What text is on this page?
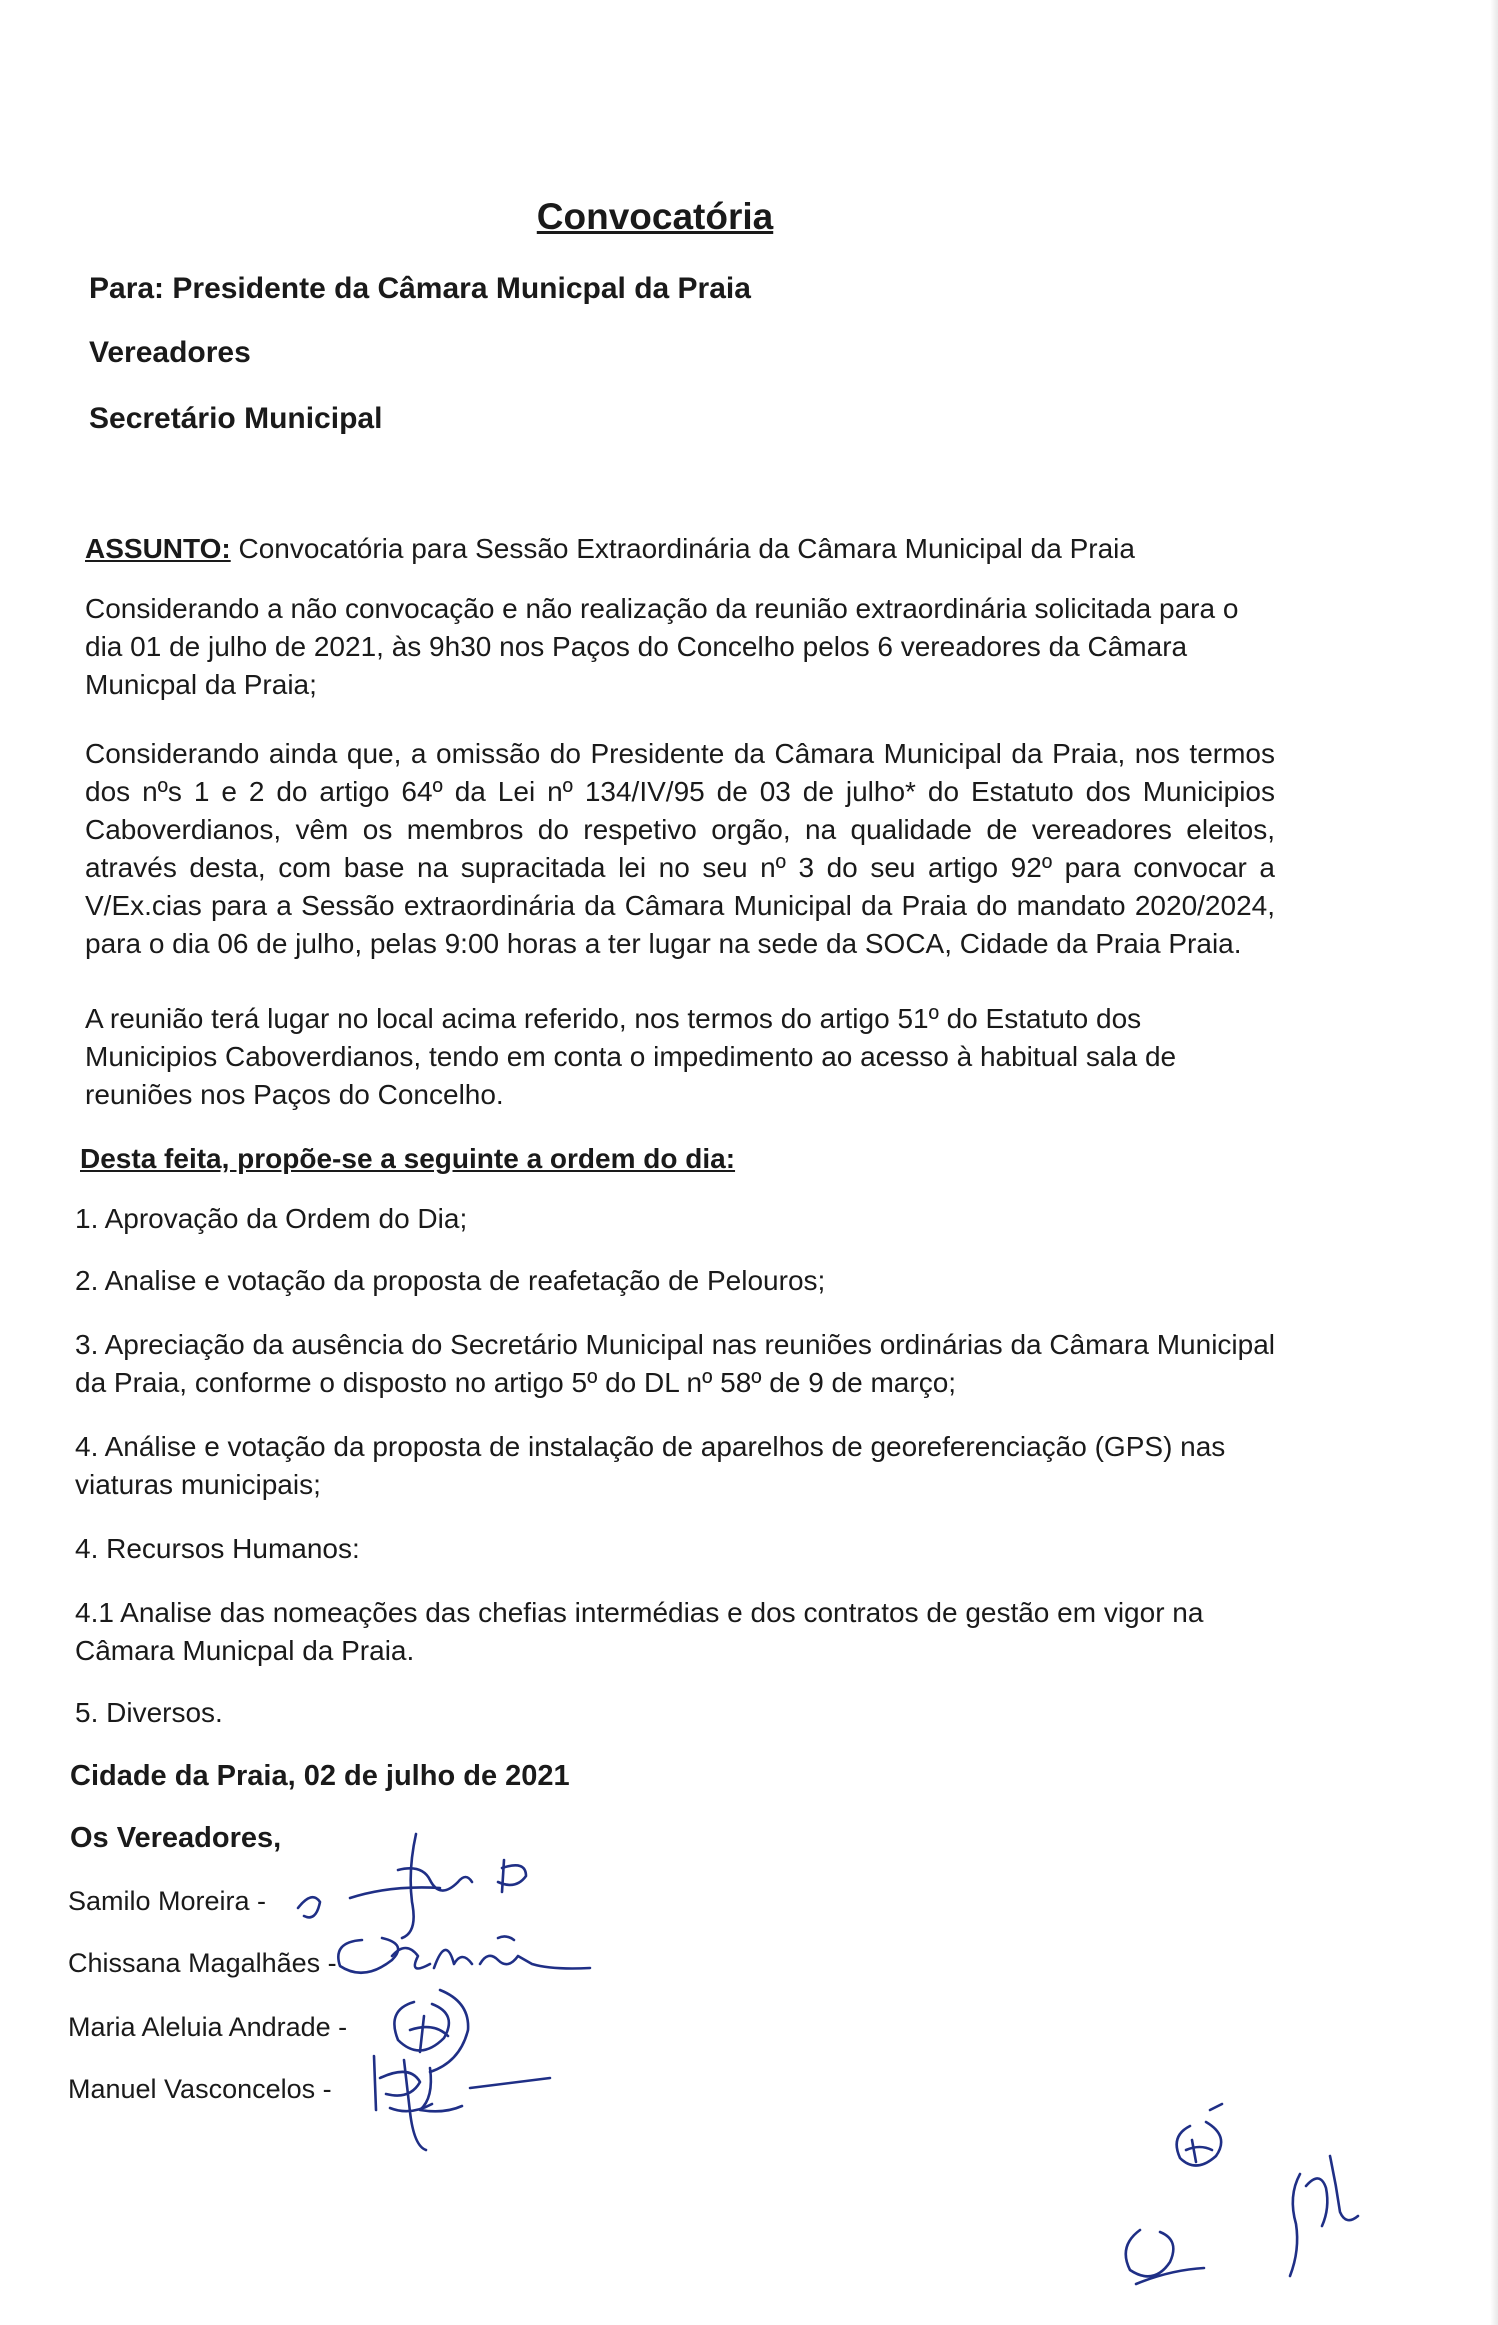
Convocatória
Para: Presidente da Câmara Municpal da Praia
Vereadores
Secretário Municipal

ASSUNTO: Convocatória para Sessão Extraordinária da Câmara Municipal da Praia

Considerando a não convocação e não realização da reunião extraordinária solicitada para o dia 01 de julho de 2021, às 9h30 nos Paços do Concelho pelos 6 vereadores da Câmara Municpal da Praia;

Considerando ainda que, a omissão do Presidente da Câmara Municipal da Praia, nos termos dos nºs 1 e 2 do artigo 64º da Lei nº 134/IV/95 de 03 de julho* do Estatuto dos Municipios Caboverdianos, vêm os membros do respetivo orgão, na qualidade de vereadores eleitos, através desta, com base na supracitada lei no seu nº 3 do seu artigo 92º para convocar a V/Ex.cias para a Sessão extraordinária da Câmara Municipal da Praia do mandato 2020/2024, para o dia 06 de julho, pelas 9:00 horas a ter lugar na sede da SOCA, Cidade da Praia Praia.

A reunião terá lugar no local acima referido, nos termos do artigo 51º do Estatuto dos Municipios Caboverdianos, tendo em conta o impedimento ao acesso à habitual sala de reuniões nos Paços do Concelho.

Desta feita, propõe-se a seguinte a ordem do dia:

1. Aprovação da Ordem do Dia;

2. Analise e votação da proposta de reafetação de Pelouros;

3. Apreciação da ausência do Secretário Municipal nas reuniões ordinárias da Câmara Municipal da Praia, conforme o disposto no artigo 5º do DL nº 58º de 9 de março;

4. Análise e votação da proposta de instalação de aparelhos de georeferenciação (GPS) nas viaturas municipais;

4. Recursos Humanos:

4.1 Analise das nomeações das chefias intermédias e dos contratos de gestão em vigor na Câmara Municpal da Praia.

5. Diversos.

Cidade da Praia, 02 de julho de 2021
Os Vereadores,
Samilo Moreira -
Chissana Magalhães -
Maria Aleluia Andrade -
Manuel Vasconcelos -
